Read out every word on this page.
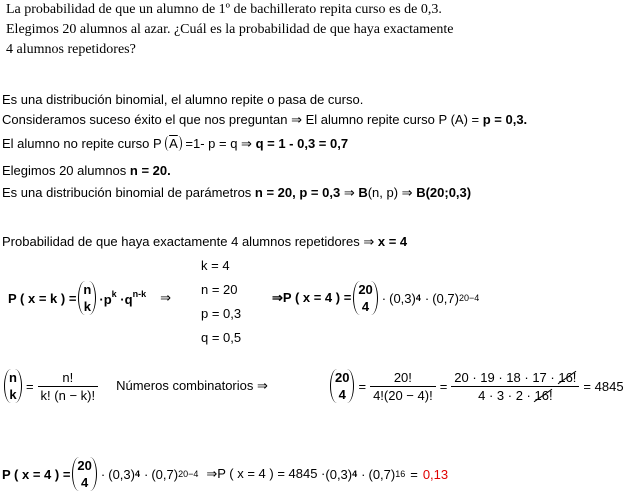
La probabilidad de que un alumno de 1º de bachillerato repita curso es de 0,3.
Elegimos 20 alumnos al azar. ¿Cuál es la probabilidad de que haya exactamente
4 alumnos repetidores?
Es una distribución binomial, el alumno repite o pasa de curso.
Consideramos suceso éxito el que nos preguntan ⇒ El alumno repite curso P (A) = p = 0,3.
El alumno no repite curso P $\overline{A} =1-$ p = q ⇒ q = 1 - 0,3 = 0,7
Elegimos 20 alumnos n = 20.
Es una distribución binomial de parámetros n = 20, p = 0,3 ⇒ B(n, p) ⇒ B(20;0,3)
Probabilidad de que haya exactamente 4 alumnos repetidores ⇒ x = 4
P ( x = k ) =
n
$k \cdot p^k \cdot q^{n-k}$ ⇒
k = 4
n = 20
p = 0,3
q = 0,5
⇒P ( x = 4 ) =
20
4
· (0,3) 4 · (0,7) 20−4
n
k
= $\frac{n!}{k! (n - k)!}$ Números combinatorios ⇒
20
4
= $\frac{20!}{4!(20 - 4)!} = \frac{20 \cdot 19 \cdot 18 \cdot 17 \cdot 16!}{4 \cdot 3 \cdot 2 \cdot 16!} = 4845$
P ( x = 4 ) =
20
4
· (0,3) 4 · (0,7) 20−4 ⇒P ( x = 4 ) = 4845 · (0,3) 4 · (0,7) 16 = 0,13
